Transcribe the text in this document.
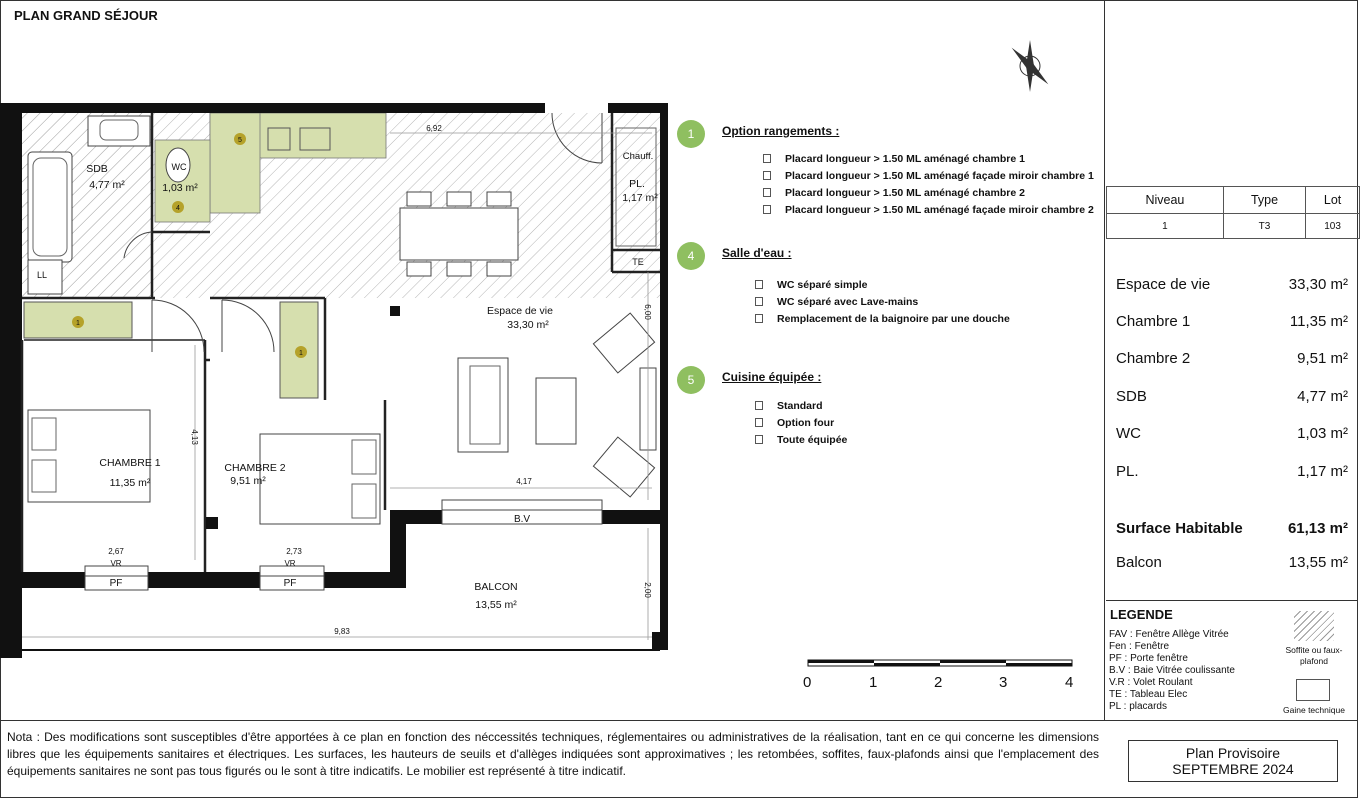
PLAN GRAND SÉJOUR
SDB
4,77 m²
WC
1,03 m²
Chauff.
PL.
1,17 m²
TE
LL
Espace de vie
33,30 m²
CHAMBRE 1
11,35 m²
CHAMBRE 2
9,51 m²
BALCON
13,55 m²
6,92
6,00
4,13
4,17
2,67	2,73
2,00
9,83
B.V
PF	PF
VR	VR
1
1
4
5	1	Option rangements :
Placard longueur > 1.50 ML aménagé chambre 1
Placard longueur > 1.50 ML aménagé façade miroir chambre 1
Placard longueur > 1.50 ML aménagé chambre 2
Placard longueur > 1.50 ML aménagé façade miroir chambre 2
4	Salle d'eau :
WC séparé simple
WC séparé avec Lave-mains
Remplacement de la baignoire par une douche
5	Cuisine équipée :
Standard
Option four
Toute équipée
Niveau	Type	Lot
1	T3	103
Espace de vie	33,30 m²
Chambre 1	11,35 m²
Chambre 2	9,51 m²
SDB	4,77 m²
WC	1,03 m²
PL.	1,17 m²
Surface Habitable	61,13 m²
Balcon	13,55 m²
LEGENDE
FAV : Fenêtre Allège Vitrée
Fen : Fenêtre
PF : Porte fenêtre
B.V : Baie Vitrée coulissante
V.R : Volet Roulant
TE : Tableau Elec
PL : placards
Soffite ou faux-plafond
Gaine technique
0	1	2	3	4
Nota : Des modifications sont susceptibles d'être apportées à ce plan en fonction des néccessités techniques, réglementaires ou administratives de la réalisation, tant en ce qui concerne les dimensions libres que les équipements sanitaires et électriques. Les surfaces, les hauteurs de seuils et d'allèges indiquées sont approximatives ; les retombées, soffites, faux-plafonds ainsi que l'emplacement des équipements sanitaires ne sont pas tous figurés ou le sont à titre indicatifs. Le mobilier est représenté à titre indicatif.
Plan Provisoire
SEPTEMBRE 2024
